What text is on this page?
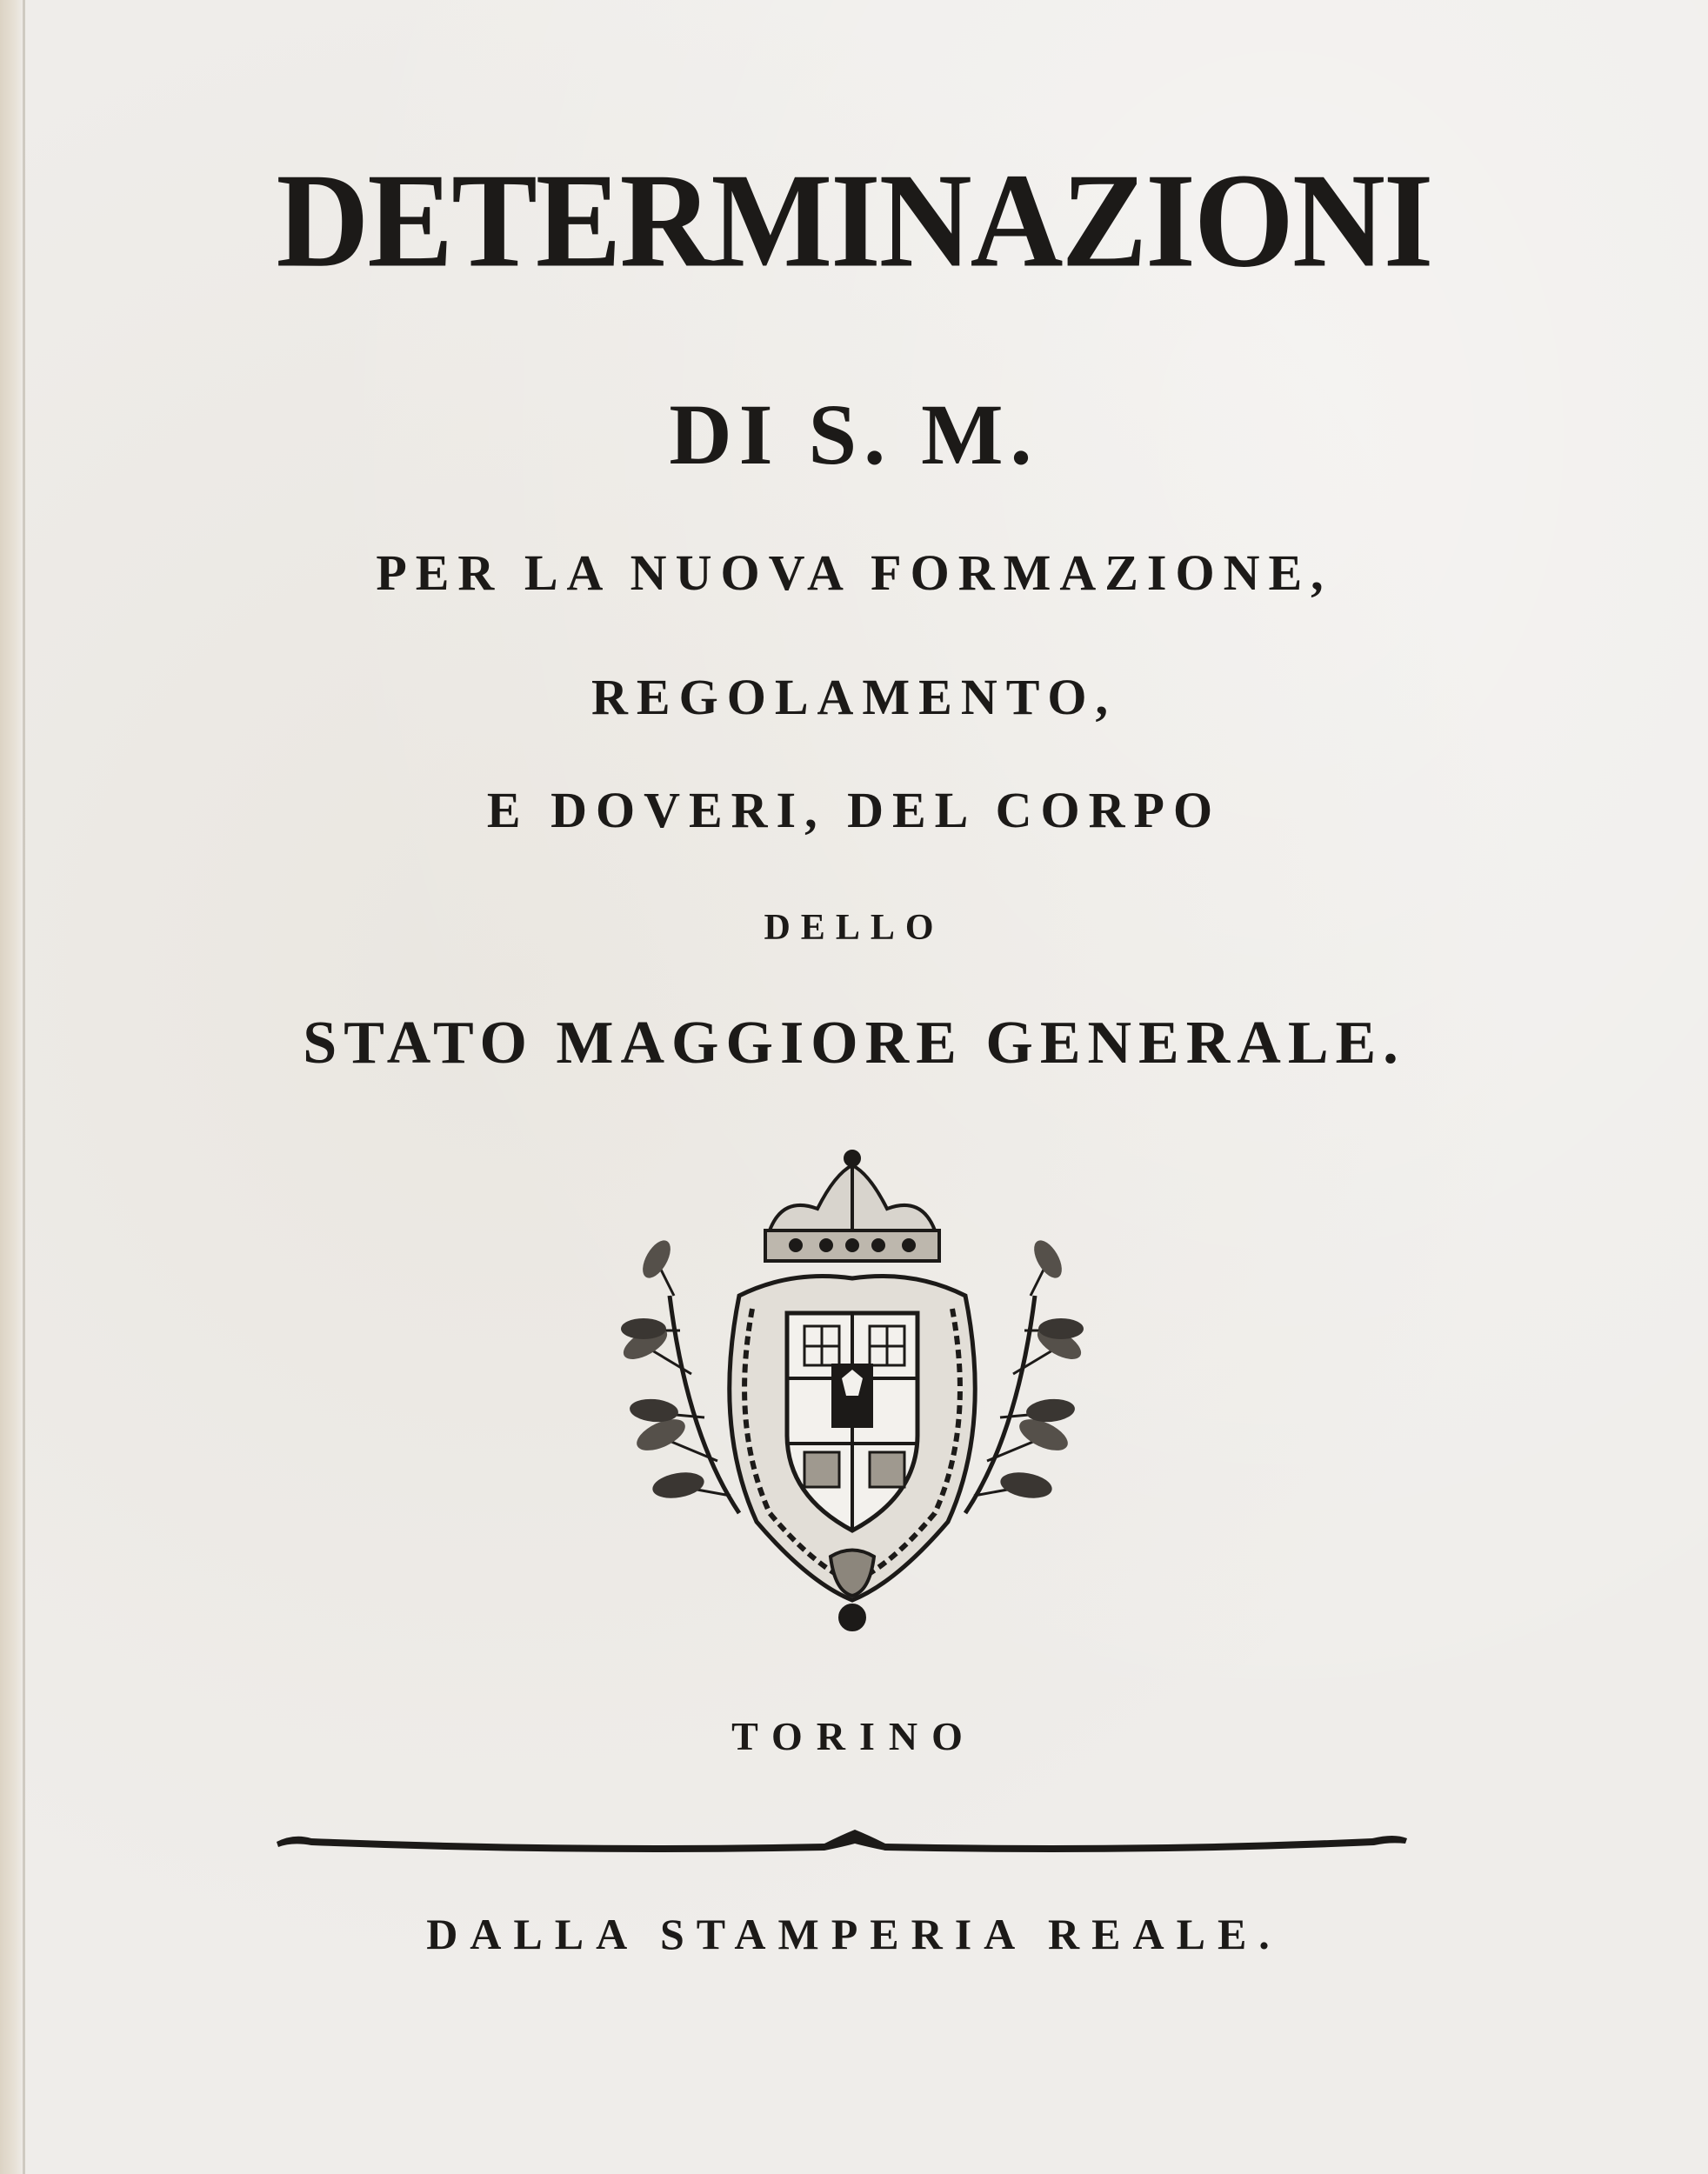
DETERMINAZIONI
DI S. M.
PER LA NUOVA FORMAZIONE,
REGOLAMENTO,
E DOVERI, DEL CORPO
DELLO
STATO MAGGIORE GENERALE.
TORINO
DALLA STAMPERIA REALE.
